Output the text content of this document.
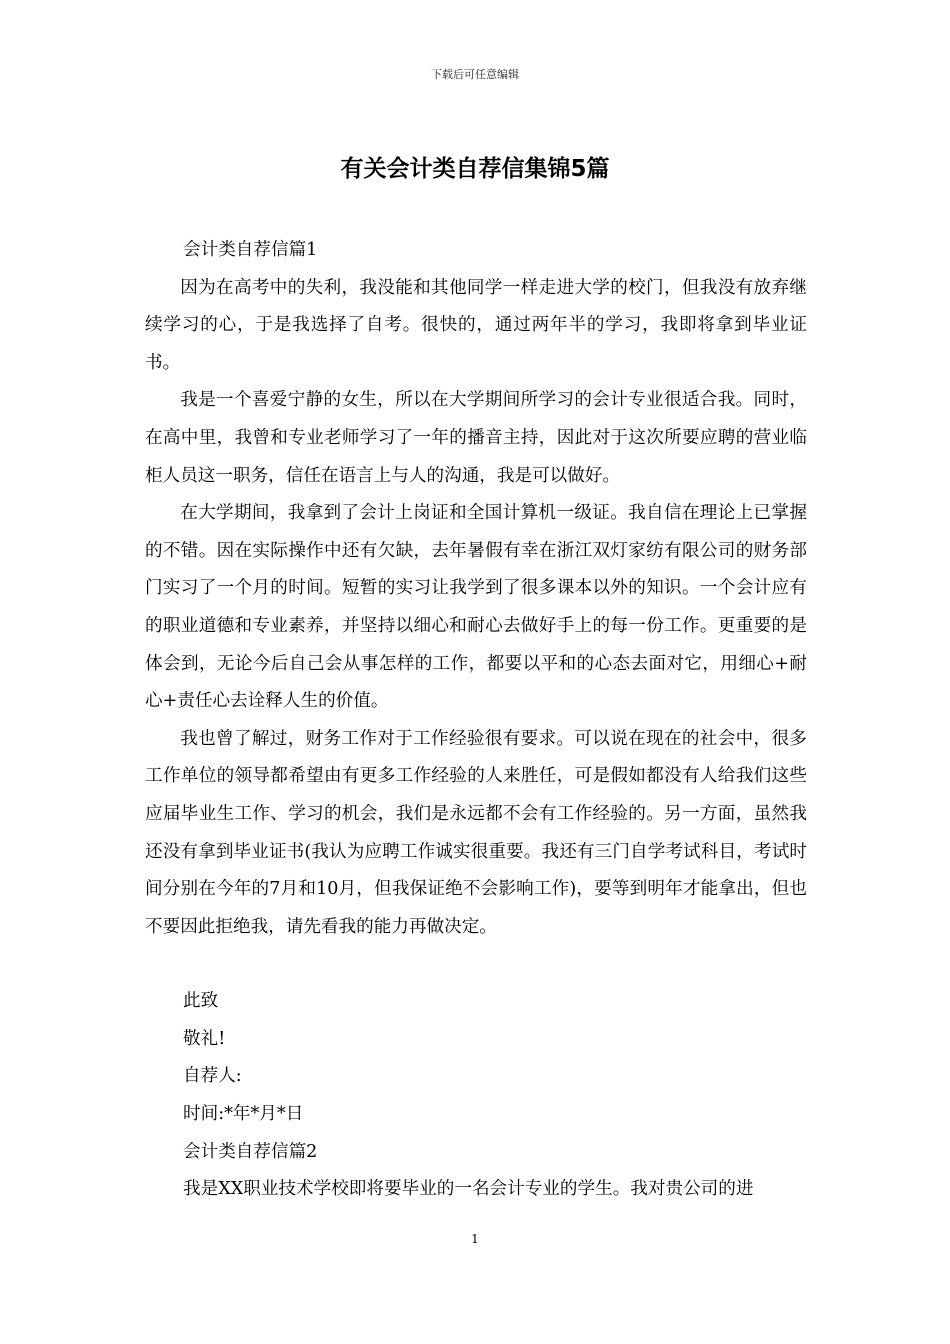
下载后可任意编辑
有关会计类自荐信集锦5篇

会计类自荐信篇1

因为在高考中的失利，我没能和其他同学一样走进大学的校门，但我没有放弃继续学习的心，于是我选择了自考。很快的，通过两年半的学习，我即将拿到毕业证书。

我是一个喜爱宁静的女生，所以在大学期间所学习的会计专业很适合我。同时，在高中里，我曾和专业老师学习了一年的播音主持，因此对于这次所要应聘的营业临柜人员这一职务，信任在语言上与人的沟通，我是可以做好。

在大学期间，我拿到了会计上岗证和全国计算机一级证。我自信在理论上已掌握的不错。因在实际操作中还有欠缺，去年暑假有幸在浙江双灯家纺有限公司的财务部门实习了一个月的时间。短暂的实习让我学到了很多课本以外的知识。一个会计应有的职业道德和专业素养，并坚持以细心和耐心去做好手上的每一份工作。更重要的是体会到，无论今后自己会从事怎样的工作，都要以平和的心态去面对它，用细心+耐心+责任心去诠释人生的价值。

我也曾了解过，财务工作对于工作经验很有要求。可以说在现在的社会中，很多工作单位的领导都希望由有更多工作经验的人来胜任，可是假如都没有人给我们这些应届毕业生工作、学习的机会，我们是永远都不会有工作经验的。另一方面，虽然我还没有拿到毕业证书(我认为应聘工作诚实很重要。我还有三门自学考试科目，考试时间分别在今年的7月和10月，但我保证绝不会影响工作)，要等到明年才能拿出，但也不要因此拒绝我，请先看我的能力再做决定。

此致

敬礼!

自荐人:

时间:*年*月*日

会计类自荐信篇2

我是XX职业技术学校即将要毕业的一名会计专业的学生。我对贵公司的进

1
